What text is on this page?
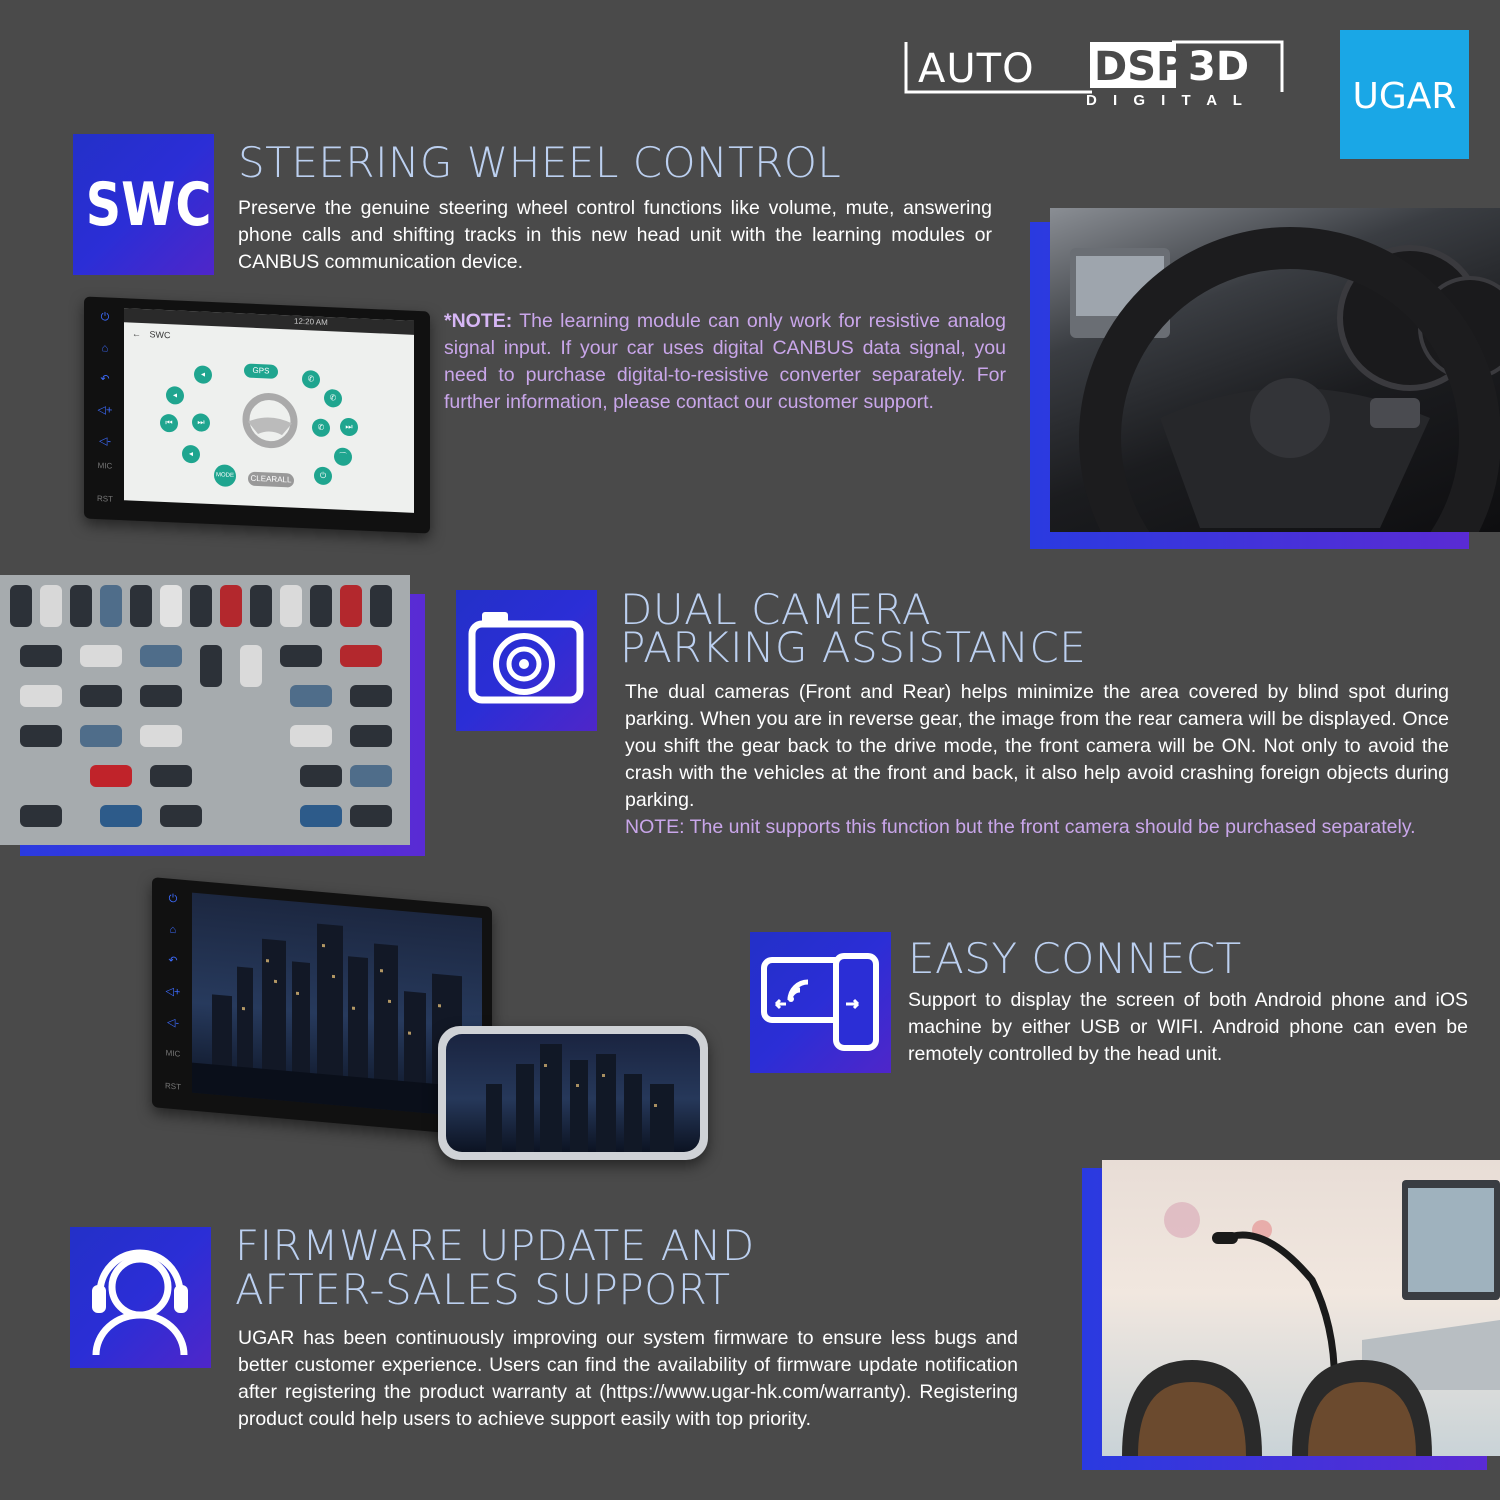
AUTO DSP 3D
D I G I T A L	UGAR
SWC
STEERING WHEEL CONTROL
Preserve the genuine steering wheel control functions like volume, mute, answering phone calls and shifting tracks in this new head unit with the learning modules or CANBUS communication device.
⏻
⌂
↶
◁+
◁-
MIC
RST
12:20 AM
← SWC
GPS
◂
◂
⏮	⏭
◂
MODE	CLEARALL
✆
✆
✆	⏭
⌒
⏻
*NOTE: The learning module can only work for resistive analog signal input. If your car uses digital CANBUS data signal, you need to purchase digital-to-resistive converter separately. For further information, please contact our customer support.
DUAL CAMERA
PARKING ASSISTANCE
The dual cameras (Front and Rear) helps minimize the area covered by blind spot during parking. When you are in reverse gear, the image from the rear camera will be displayed. Once you shift the gear back to the drive mode, the front camera will be ON. Not only to avoid the crash with the vehicles at the front and back, it also help avoid crashing foreign objects during parking.
NOTE: The unit supports this function but the front camera should be purchased separately.
⏻
⌂
↶
◁+
◁-
MIC
RST
EASY CONNECT
Support to display the screen of both Android phone and iOS machine by either USB or WIFI. Android phone can even be remotely controlled by the head unit.
FIRMWARE UPDATE AND
AFTER-SALES SUPPORT
UGAR has been continuously improving our system firmware to ensure less bugs and better customer experience. Users can find the availability of firmware update notification after registering the product warranty at (https://www.ugar-hk.com/warranty). Registering product could help users to achieve support easily with top priority.
